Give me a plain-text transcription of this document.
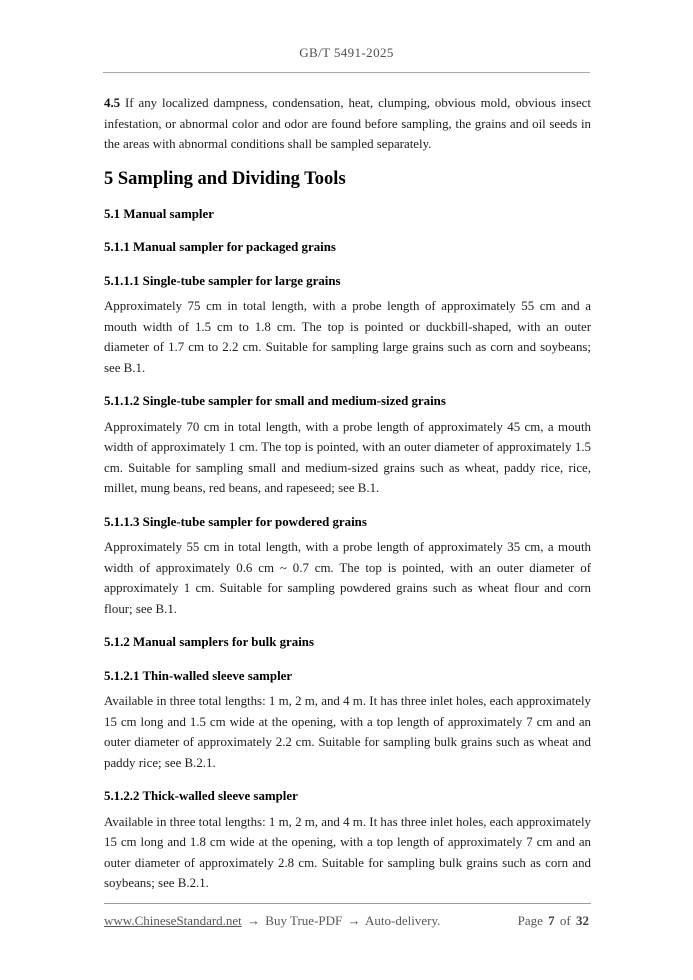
GB/T 5491-2025

4.5 If any localized dampness, condensation, heat, clumping, obvious mold, obvious insect infestation, or abnormal color and odor are found before sampling, the grains and oil seeds in the areas with abnormal conditions shall be sampled separately.

5 Sampling and Dividing Tools
5.1 Manual sampler
5.1.1 Manual sampler for packaged grains
5.1.1.1 Single-tube sampler for large grains

Approximately 75 cm in total length, with a probe length of approximately 55 cm and a mouth width of 1.5 cm to 1.8 cm. The top is pointed or duckbill-shaped, with an outer diameter of 1.7 cm to 2.2 cm. Suitable for sampling large grains such as corn and soybeans; see B.1.

5.1.1.2 Single-tube sampler for small and medium-sized grains

Approximately 70 cm in total length, with a probe length of approximately 45 cm, a mouth width of approximately 1 cm. The top is pointed, with an outer diameter of approximately 1.5 cm. Suitable for sampling small and medium-sized grains such as wheat, paddy rice, rice, millet, mung beans, red beans, and rapeseed; see B.1.

5.1.1.3 Single-tube sampler for powdered grains

Approximately 55 cm in total length, with a probe length of approximately 35 cm, a mouth width of approximately 0.6 cm ~ 0.7 cm. The top is pointed, with an outer diameter of approximately 1 cm. Suitable for sampling powdered grains such as wheat flour and corn flour; see B.1.

5.1.2 Manual samplers for bulk grains
5.1.2.1 Thin-walled sleeve sampler

Available in three total lengths: 1 m, 2 m, and 4 m. It has three inlet holes, each approximately 15 cm long and 1.5 cm wide at the opening, with a top length of approximately 7 cm and an outer diameter of approximately 2.2 cm. Suitable for sampling bulk grains such as wheat and paddy rice; see B.2.1.

5.1.2.2 Thick-walled sleeve sampler

Available in three total lengths: 1 m, 2 m, and 4 m. It has three inlet holes, each approximately 15 cm long and 1.8 cm wide at the opening, with a top length of approximately 7 cm and an outer diameter of approximately 2.8 cm. Suitable for sampling bulk grains such as corn and soybeans; see B.2.1.

www.ChineseStandard.net → Buy True-PDF → Auto-delivery.	Page 7 of 32
